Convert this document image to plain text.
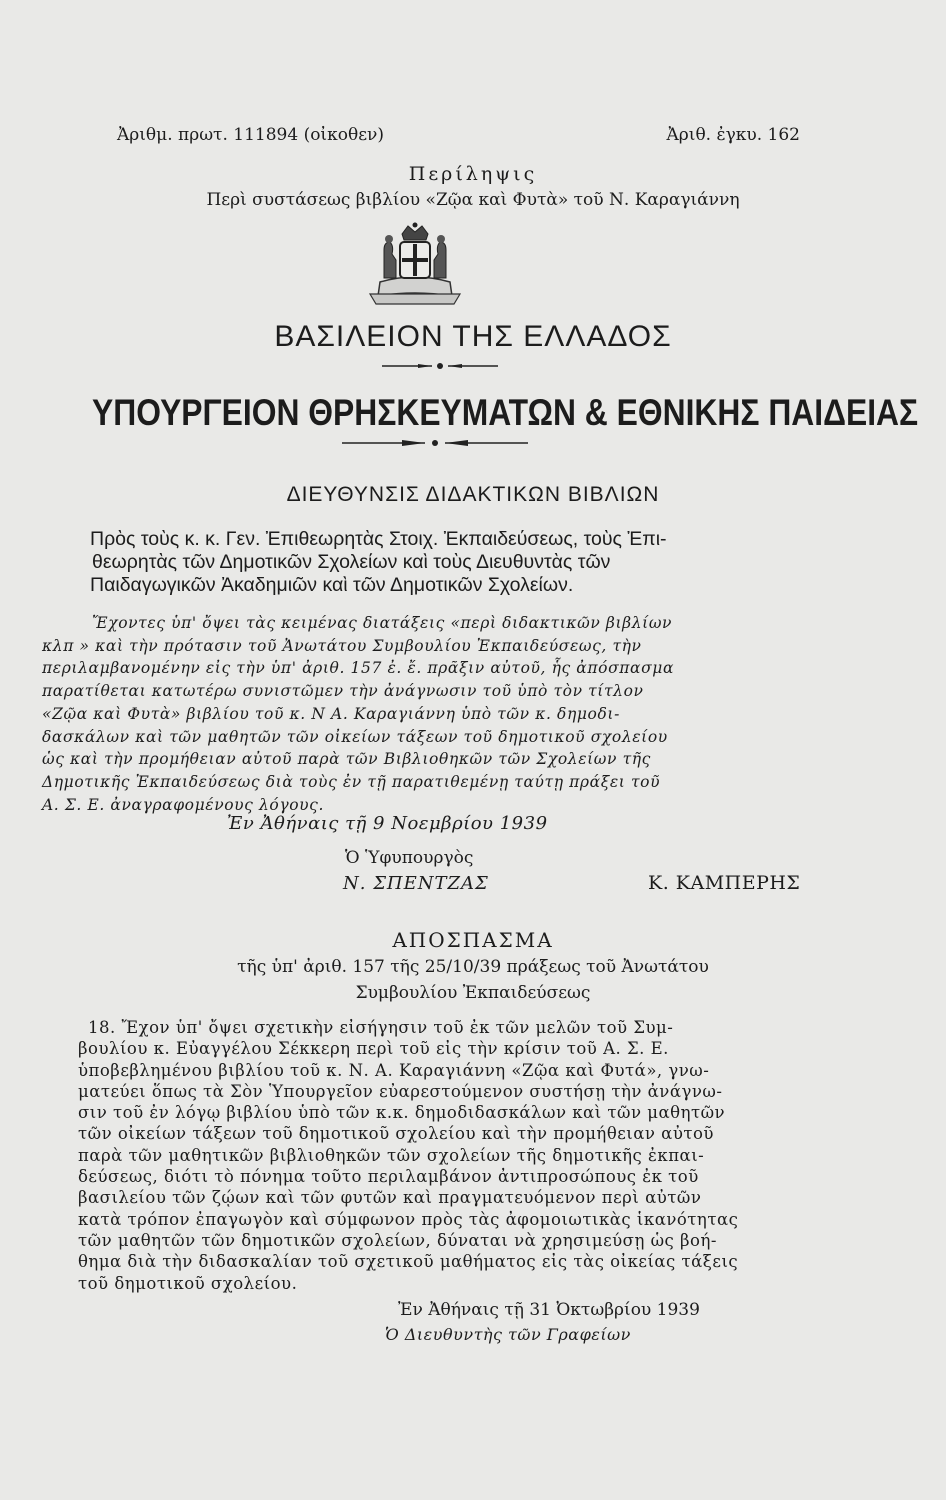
Ἀριθμ. πρωτ. 111894 (οἰκοθεν)	Ἀριθ. ἐγκυ. 162
Περίληψις
Περὶ συστάσεως βιβλίου «Ζῷα καὶ Φυτὰ» τοῦ Ν. Καραγιάννη
ΒΑΣΙΛΕΙΟΝ ΤΗΣ ΕΛΛΑΔΟΣ
ΥΠΟΥΡΓΕΙΟΝ ΘΡΗΣΚΕΥΜΑΤΩΝ & ΕΘΝΙΚΗΣ ΠΑΙΔΕΙΑΣ
ΔΙΕΥΘΥΝΣΙΣ ΔΙΔΑΚΤΙΚΩΝ ΒΙΒΛΙΩΝ
Πρὸς τοὺς κ. κ. Γεν. Ἐπιθεωρητὰς Στοιχ. Ἐκπαιδεύσεως, τοὺς Ἐπι-
θεωρητὰς τῶν Δημοτικῶν Σχολείων καὶ τοὺς Διευθυντὰς τῶν
Παιδαγωγικῶν Ἀκαδημιῶν καὶ τῶν Δημοτικῶν Σχολείων.
Ἔχοντες ὑπ' ὄψει τὰς κειμένας διατάξεις «περὶ διδακτικῶν βιβλίων
κλπ » καὶ τὴν πρότασιν τοῦ Ἀνωτάτου Συμβουλίου Ἐκπαιδεύσεως, τὴν
περιλαμβανομένην εἰς τὴν ὑπ' ἀριθ. 157 ἐ. ἔ. πρᾶξιν αὐτοῦ, ἧς ἀπόσπασμα
παρατίθεται κατωτέρω συνιστῶμεν τὴν ἀνάγνωσιν τοῦ ὑπὸ τὸν τίτλον
«Ζῷα καὶ Φυτὰ» βιβλίου τοῦ κ. Ν Α. Καραγιάννη ὑπὸ τῶν κ. δημοδι-
δασκάλων καὶ τῶν μαθητῶν τῶν οἰκείων τάξεων τοῦ δημοτικοῦ σχολείου
ὡς καὶ τὴν προμήθειαν αὐτοῦ παρὰ τῶν Βιβλιοθηκῶν τῶν Σχολείων τῆς
Δημοτικῆς Ἐκπαιδεύσεως διὰ τοὺς ἐν τῇ παρατιθεμένῃ ταύτῃ πράξει τοῦ
Α. Σ. Ε. ἀναγραφομένους λόγους.
Ἐν Ἀθήναις τῇ 9 Νοεμβρίου 1939
Ὁ Ὑφυπουργὸς
Ν. ΣΠΕΝΤΖΑΣ	Κ. ΚΑΜΠΕΡΗΣ
ΑΠΟΣΠΑΣΜΑ
τῆς ὑπ' ἀριθ. 157 τῆς 25/10/39 πράξεως τοῦ Ἀνωτάτου
Συμβουλίου Ἐκπαιδεύσεως
18. Ἔχον ὑπ' ὄψει σχετικὴν εἰσήγησιν τοῦ ἐκ τῶν μελῶν τοῦ Συμ-
βουλίου κ. Εὐαγγέλου Σέκκερη περὶ τοῦ εἰς τὴν κρίσιν τοῦ Α. Σ. Ε.
ὑποβεβλημένου βιβλίου τοῦ κ. Ν. Α. Καραγιάννη «Ζῷα καὶ Φυτά», γνω-
ματεύει ὅπως τὰ Σὸν Ὑπουργεῖον εὐαρεστούμενον συστήσῃ τὴν ἀνάγνω-
σιν τοῦ ἐν λόγῳ βιβλίου ὑπὸ τῶν κ.κ. δημοδιδασκάλων καὶ τῶν μαθητῶν
τῶν οἰκείων τάξεων τοῦ δημοτικοῦ σχολείου καὶ τὴν προμήθειαν αὐτοῦ
παρὰ τῶν μαθητικῶν βιβλιοθηκῶν τῶν σχολείων τῆς δημοτικῆς ἐκπαι-
δεύσεως, διότι τὸ πόνημα τοῦτο περιλαμβάνον ἀντιπροσώπους ἐκ τοῦ
βασιλείου τῶν ζῴων καὶ τῶν φυτῶν καὶ πραγματευόμενον περὶ αὐτῶν
κατὰ τρόπον ἐπαγωγὸν καὶ σύμφωνον πρὸς τὰς ἀφομοιωτικὰς ἱκανότητας
τῶν μαθητῶν τῶν δημοτικῶν σχολείων, δύναται νὰ χρησιμεύσῃ ὡς βοή-
θημα διὰ τὴν διδασκαλίαν τοῦ σχετικοῦ μαθήματος εἰς τὰς οἰκείας τάξεις
τοῦ δημοτικοῦ σχολείου.
Ἐν Ἀθήναις τῇ 31 Ὀκτωβρίου 1939
Ὁ Διευθυντὴς τῶν Γραφείων
